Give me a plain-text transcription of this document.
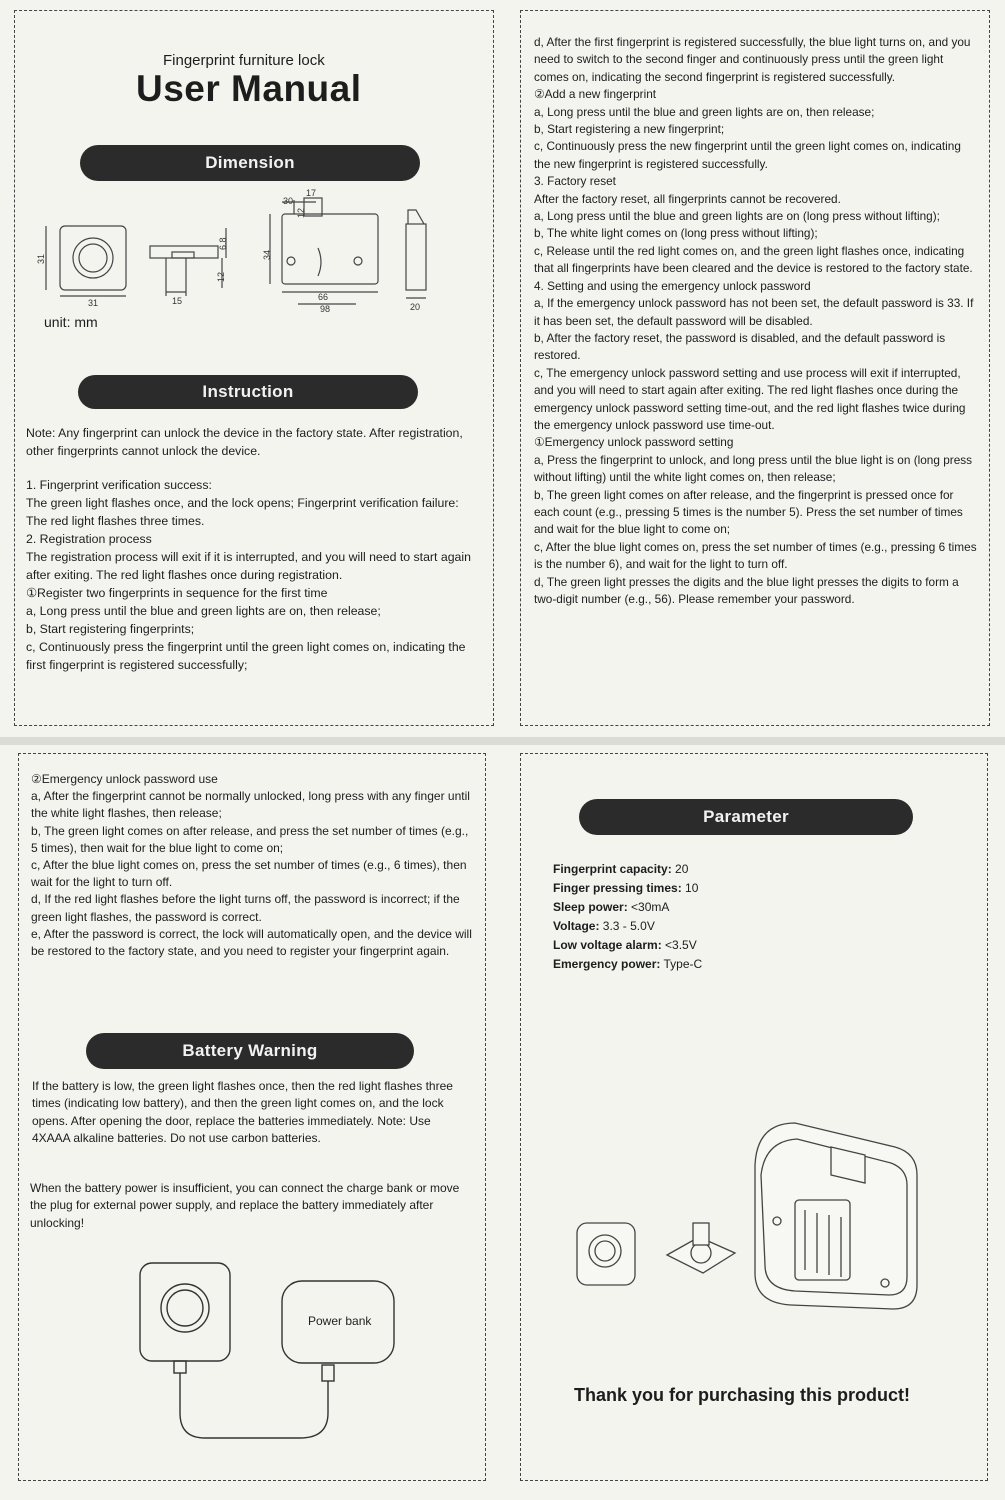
Fingerprint furniture lock
User Manual
Dimension
31
31
6.8
15
12
30
17
12
34
66
98	20
unit: mm
Instruction

Note: Any fingerprint can unlock the device in the factory state. After registration, other fingerprints cannot unlock the device.

1. Fingerprint verification success:

The green light flashes once, and the lock opens; Fingerprint verification failure: The red light flashes three times.

2. Registration process

The registration process will exit if it is interrupted, and you will need to start again after exiting. The red light flashes once during registration.

①Register two fingerprints in sequence for the first time

a, Long press until the blue and green lights are on, then release;

b, Start registering fingerprints;

c, Continuously press the fingerprint until the green light comes on, indicating the first fingerprint is registered successfully;

d, After the first fingerprint is registered successfully, the blue light turns on, and you need to switch to the second finger and continuously press until the green light comes on, indicating the second fingerprint is registered successfully.

②Add a new fingerprint

a, Long press until the blue and green lights are on, then release;

b, Start registering a new fingerprint;

c, Continuously press the new fingerprint until the green light comes on, indicating the new fingerprint is registered successfully.

3. Factory reset

After the factory reset, all fingerprints cannot be recovered.

a, Long press until the blue and green lights are on (long press without lifting);

b, The white light comes on (long press without lifting);

c, Release until the red light comes on, and the green light flashes once, indicating that all fingerprints have been cleared and the device is restored to the factory state.

4. Setting and using the emergency unlock password

a, If the emergency unlock password has not been set, the default password is 33. If it has been set, the default password will be disabled.

b, After the factory reset, the password is disabled, and the default password is restored.

c, The emergency unlock password setting and use process will exit if interrupted, and you will need to start again after exiting. The red light flashes once during the emergency unlock password setting time-out, and the red light flashes twice during the emergency unlock password use time-out.

①Emergency unlock password setting

a, Press the fingerprint to unlock, and long press until the blue light is on (long press without lifting) until the white light comes on, then release;

b, The green light comes on after release, and the fingerprint is pressed once for each count (e.g., pressing 5 times is the number 5). Press the set number of times and wait for the blue light to come on;

c, After the blue light comes on, press the set number of times (e.g., pressing 6 times is the number 6), and wait for the light to turn off.

d, The green light presses the digits and the blue light presses the digits to form a two-digit number (e.g., 56). Please remember your password.

②Emergency unlock password use

a, After the fingerprint cannot be normally unlocked, long press with any finger until the white light flashes, then release;

b, The green light comes on after release, and press the set number of times (e.g., 5 times), then wait for the blue light to come on;

c, After the blue light comes on, press the set number of times (e.g., 6 times), then wait for the light to turn off.

d, If the red light flashes before the light turns off, the password is incorrect; if the green light flashes, the password is correct.

e, After the password is correct, the lock will automatically open, and the device will be restored to the factory state, and you need to register your fingerprint again.

Battery Warning
If the battery is low, the green light flashes once, then the red light flashes three times (indicating low battery), and then the green light comes on, and the lock opens. After opening the door, replace the batteries immediately. Note: Use 4XAAA alkaline batteries. Do not use carbon batteries.
When the battery power is insufficient, you can connect the charge bank or move the plug for external power supply, and replace the battery immediately after unlocking!
Power bank
Parameter

Fingerprint capacity: 20

Finger pressing times: 10

Sleep power: <30mA

Voltage: 3.3 - 5.0V

Low voltage alarm: <3.5V

Emergency power: Type-C

Thank you for purchasing this product!
